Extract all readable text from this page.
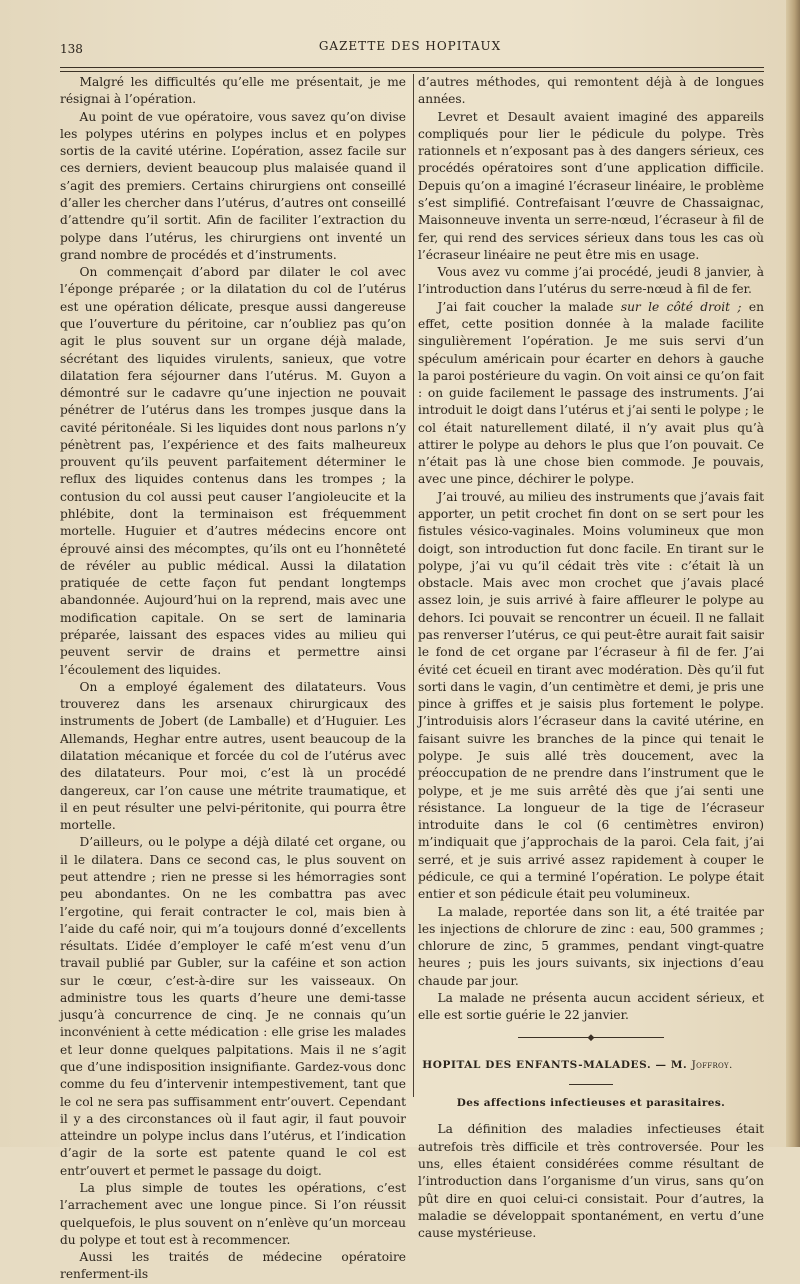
138	GAZETTE DES HOPITAUX

Malgré les difficultés qu’elle me présentait, je me résignai à l’opération.

Au point de vue opératoire, vous savez qu’on divise les polypes utérins en polypes inclus et en polypes sortis de la cavité utérine. L’opération, assez facile sur ces derniers, devient beaucoup plus malaisée quand il s’agit des premiers. Certains chirurgiens ont conseillé d’aller les chercher dans l’utérus, d’autres ont conseillé d’attendre qu’il sortit. Afin de faciliter l’extraction du polype dans l’utérus, les chirurgiens ont inventé un grand nombre de procédés et d’instruments.

On commençait d’abord par dilater le col avec l’éponge préparée ; or la dilatation du col de l’utérus est une opération délicate, presque aussi dangereuse que l’ouverture du péritoine, car n’oubliez pas qu’on agit le plus souvent sur un organe déjà malade, sécrétant des liquides virulents, sanieux, que votre dilatation fera séjourner dans l’utérus. M. Guyon a démontré sur le cadavre qu’une injection ne pouvait pénétrer de l’utérus dans les trompes jusque dans la cavité péritonéale. Si les liquides dont nous parlons n’y pénètrent pas, l’expérience et des faits malheureux prouvent qu’ils peuvent parfaitement déterminer le reflux des liquides contenus dans les trompes ; la contusion du col aussi peut causer l’angioleucite et la phlébite, dont la terminaison est fréquemment mortelle. Huguier et d’autres médecins encore ont éprouvé ainsi des mécomptes, qu’ils ont eu l’honnêteté de révéler au public médical. Aussi la dilatation pratiquée de cette façon fut pendant longtemps abandonnée. Aujourd’hui on la reprend, mais avec une modification capitale. On se sert de laminaria préparée, laissant des espaces vides au milieu qui peuvent servir de drains et permettre ainsi l’écoulement des liquides.

On a employé également des dilatateurs. Vous trouverez dans les arsenaux chirurgicaux des instruments de Jobert (de Lamballe) et d’Huguier. Les Allemands, Heghar entre autres, usent beaucoup de la dilatation mécanique et forcée du col de l’utérus avec des dilatateurs. Pour moi, c’est là un procédé dangereux, car l’on cause une métrite traumatique, et il en peut résulter une pelvi-péritonite, qui pourra être mortelle.

D’ailleurs, ou le polype a déjà dilaté cet organe, ou il le dilatera. Dans ce second cas, le plus souvent on peut attendre ; rien ne presse si les hémorragies sont peu abondantes. On ne les combattra pas avec l’ergotine, qui ferait contracter le col, mais bien à l’aide du café noir, qui m’a toujours donné d’excellents résultats. L’idée d’employer le café m’est venu d’un travail publié par Gubler, sur la caféine et son action sur le cœur, c’est-à-dire sur les vaisseaux. On administre tous les quarts d’heure une demi-tasse jusqu’à concurrence de cinq. Je ne connais qu’un inconvénient à cette médication : elle grise les malades et leur donne quelques palpitations. Mais il ne s’agit que d’une indisposition insignifiante. Gardez-vous donc comme du feu d’intervenir intempestivement, tant que le col ne sera pas suffisamment entr’ouvert. Cependant il y a des circonstances où il faut agir, il faut pouvoir atteindre un polype inclus dans l’utérus, et l’indication d’agir de la sorte est patente quand le col est entr’ouvert et permet le passage du doigt.

La plus simple de toutes les opérations, c’est l’arrachement avec une longue pince. Si l’on réussit quelquefois, le plus souvent on n’enlève qu’un morceau du polype et tout est à recommencer.

Aussi les traités de médecine opératoire renferment-ils

d’autres méthodes, qui remontent déjà à de longues années.

Levret et Desault avaient imaginé des appareils compliqués pour lier le pédicule du polype. Très rationnels et n’exposant pas à des dangers sérieux, ces procédés opératoires sont d’une application difficile. Depuis qu’on a imaginé l’écraseur linéaire, le problème s’est simplifié. Contrefaisant l’œuvre de Chassaignac, Maisonneuve inventa un serre-nœud, l’écraseur à fil de fer, qui rend des services sérieux dans tous les cas où l’écraseur linéaire ne peut être mis en usage.

Vous avez vu comme j’ai procédé, jeudi 8 janvier, à l’introduction dans l’utérus du serre-nœud à fil de fer.

J’ai fait coucher la malade sur le côté droit ; en effet, cette position donnée à la malade facilite singulièrement l’opération. Je me suis servi d’un spéculum américain pour écarter en dehors à gauche la paroi postérieure du vagin. On voit ainsi ce qu’on fait : on guide facilement le passage des instruments. J’ai introduit le doigt dans l’utérus et j’ai senti le polype ; le col était naturellement dilaté, il n’y avait plus qu’à attirer le polype au dehors le plus que l’on pouvait. Ce n’était pas là une chose bien commode. Je pouvais, avec une pince, déchirer le polype.

J’ai trouvé, au milieu des instruments que j’avais fait apporter, un petit crochet fin dont on se sert pour les fistules vésico-vaginales. Moins volumineux que mon doigt, son introduction fut donc facile. En tirant sur le polype, j’ai vu qu’il cédait très vite : c’était là un obstacle. Mais avec mon crochet que j’avais placé assez loin, je suis arrivé à faire affleurer le polype au dehors. Ici pouvait se rencontrer un écueil. Il ne fallait pas renverser l’utérus, ce qui peut-être aurait fait saisir le fond de cet organe par l’écraseur à fil de fer. J’ai évité cet écueil en tirant avec modération. Dès qu’il fut sorti dans le vagin, d’un centimètre et demi, je pris une pince à griffes et je saisis plus fortement le polype. J’introduisis alors l’écraseur dans la cavité utérine, en faisant suivre les branches de la pince qui tenait le polype. Je suis allé très doucement, avec la préoccupation de ne prendre dans l’instrument que le polype, et je me suis arrêté dès que j’ai senti une résistance. La longueur de la tige de l’écraseur introduite dans le col (6 centimètres environ) m’indiquait que j’approchais de la paroi. Cela fait, j’ai serré, et je suis arrivé assez rapidement à couper le pédicule, ce qui a terminé l’opération. Le polype était entier et son pédicule était peu volumineux.

La malade, reportée dans son lit, a été traitée par les injections de chlorure de zinc : eau, 500 grammes ; chlorure de zinc, 5 grammes, pendant vingt-quatre heures ; puis les jours suivants, six injections d’eau chaude par jour.

La malade ne présenta aucun accident sérieux, et elle est sortie guérie le 22 janvier.

◆
HOPITAL DES ENFANTS-MALADES. — M. Joffroy.
Des affections infectieuses et parasitaires.

La définition des maladies infectieuses était autrefois très difficile et très controversée. Pour les uns, elles étaient considérées comme résultant de l’introduction dans l’organisme d’un virus, sans qu’on pût dire en quoi celui-ci consistait. Pour d’autres, la maladie se développait spontanément, en vertu d’une cause mystérieuse.
